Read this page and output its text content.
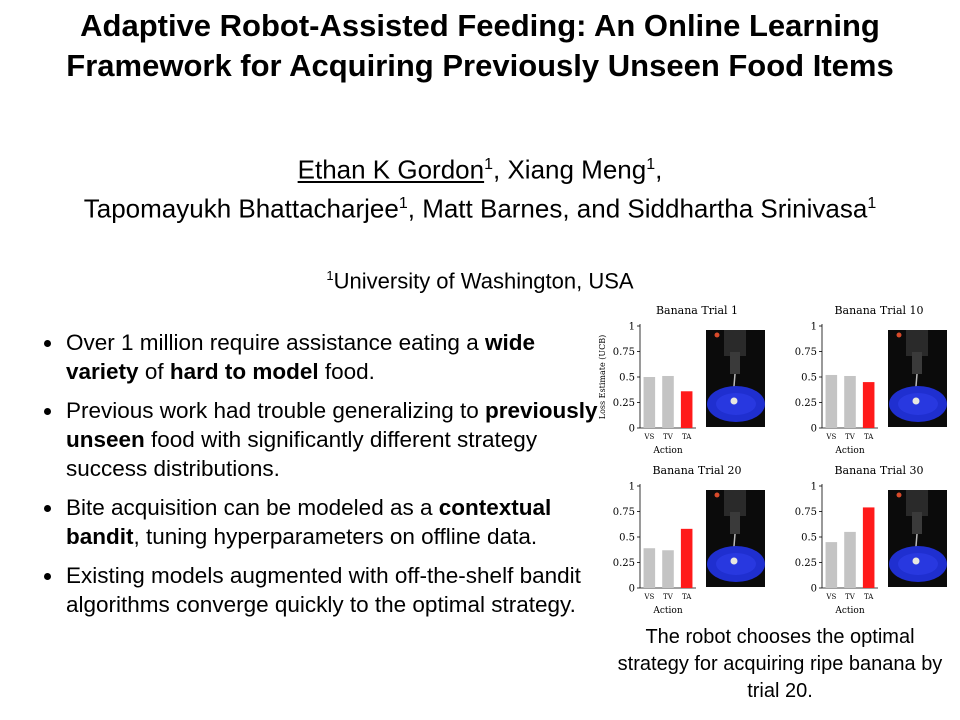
Adaptive Robot-Assisted Feeding: An Online Learning Framework for Acquiring Previously Unseen Food Items
Ethan K Gordon$^1$, Xiang Meng$^1$,
Tapomayukh Bhattacharjee$^1$, Matt Barnes, and Siddhartha Srinivasa$^1$
$^1$University of Washington, USA
Over 1 million require assistance eating a wide variety of hard to model food.
Previous work had trouble generalizing to previously unseen food with significantly different strategy success distributions.
Bite acquisition can be modeled as a contextual bandit, tuning hyperparameters on offline data.
Existing models augmented with off-the-shelf bandit algorithms converge quickly to the optimal strategy.
Banana Trial 1
0
0.25
0.5
0.75
1
Loss Estimate (UCB)
VS TV TA
Action
Banana Trial 10
0
0.25
0.5
0.75
1
VS TV TA
Action
Banana Trial 20
0
0.25
0.5
0.75
1
VS TV TA
Action
Banana Trial 30
0
0.25
0.5
0.75
1
VS TV TA
Action
The robot chooses the optimal strategy for acquiring ripe banana by trial 20.
